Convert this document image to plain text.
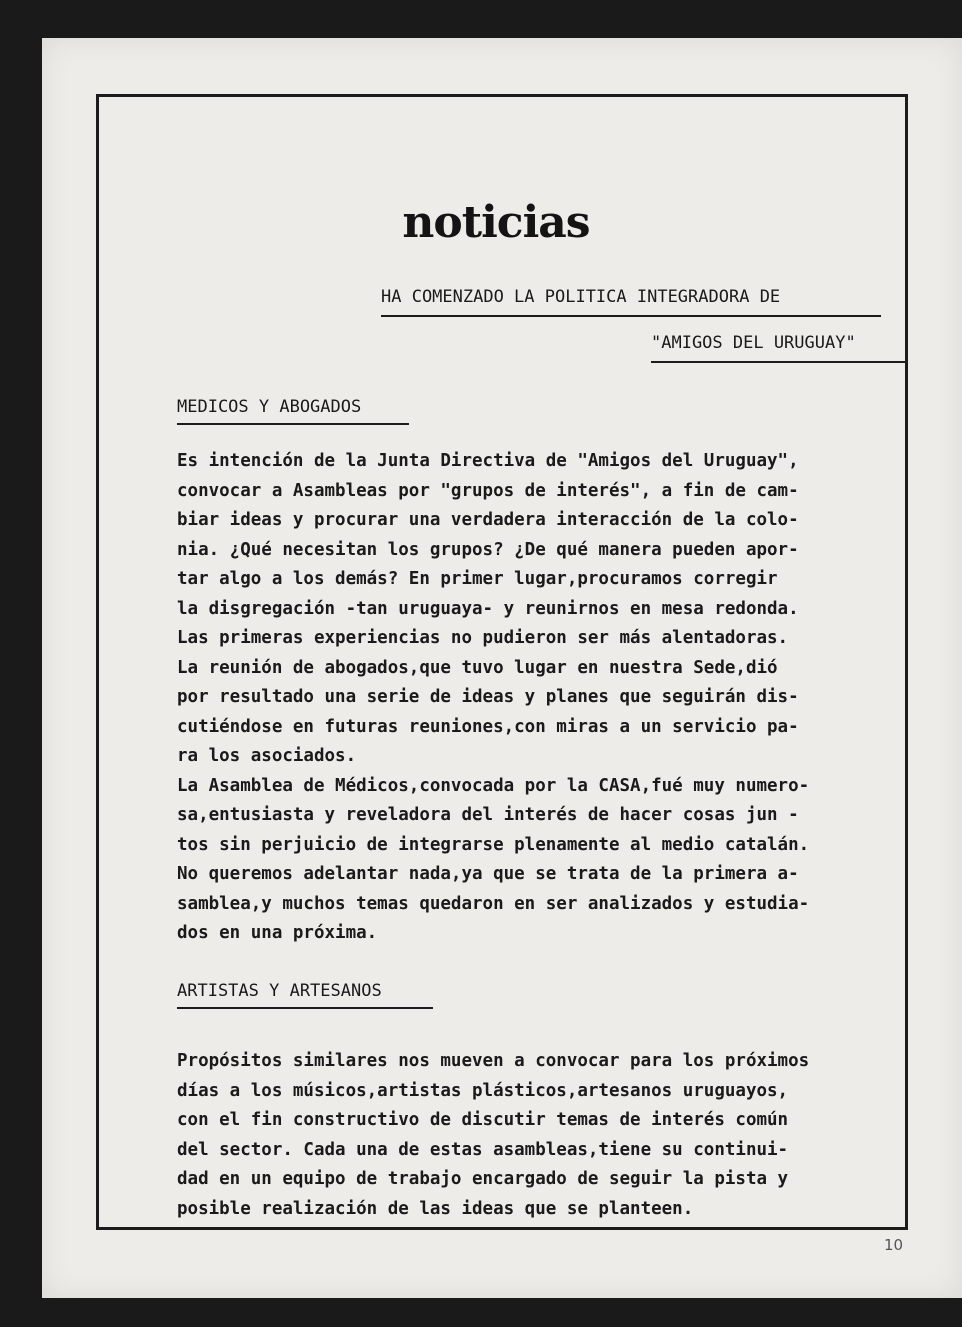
noticias
HA COMENZADO LA POLITICA INTEGRADORA DE
"AMIGOS DEL URUGUAY"
MEDICOS Y ABOGADOS
Es intención de la Junta Directiva de "Amigos del Uruguay",
convocar a Asambleas por "grupos de interés", a fin de cam-
biar ideas y procurar una verdadera interacción de la colo-
nia. ¿Qué necesitan los grupos? ¿De qué manera pueden apor-
tar algo a los demás? En primer lugar,procuramos corregir
la disgregación -tan uruguaya- y reunirnos en mesa redonda.
Las primeras experiencias no pudieron ser más alentadoras.
La reunión de abogados,que tuvo lugar en nuestra Sede,dió
por resultado una serie de ideas y planes que seguirán dis-
cutiéndose en futuras reuniones,con miras a un servicio pa-
ra los asociados.
La Asamblea de Médicos,convocada por la CASA,fué muy numero-
sa,entusiasta y reveladora del interés de hacer cosas jun -
tos sin perjuicio de integrarse plenamente al medio catalán.
No queremos adelantar nada,ya que se trata de la primera a-
samblea,y muchos temas quedaron en ser analizados y estudia-
dos en una próxima.
ARTISTAS Y ARTESANOS
Propósitos similares nos mueven a convocar para los próximos
días a los músicos,artistas plásticos,artesanos uruguayos,
con el fin constructivo de discutir temas de interés común
del sector. Cada una de estas asambleas,tiene su continui-
dad en un equipo de trabajo encargado de seguir la pista y
posible realización de las ideas que se planteen.
10
